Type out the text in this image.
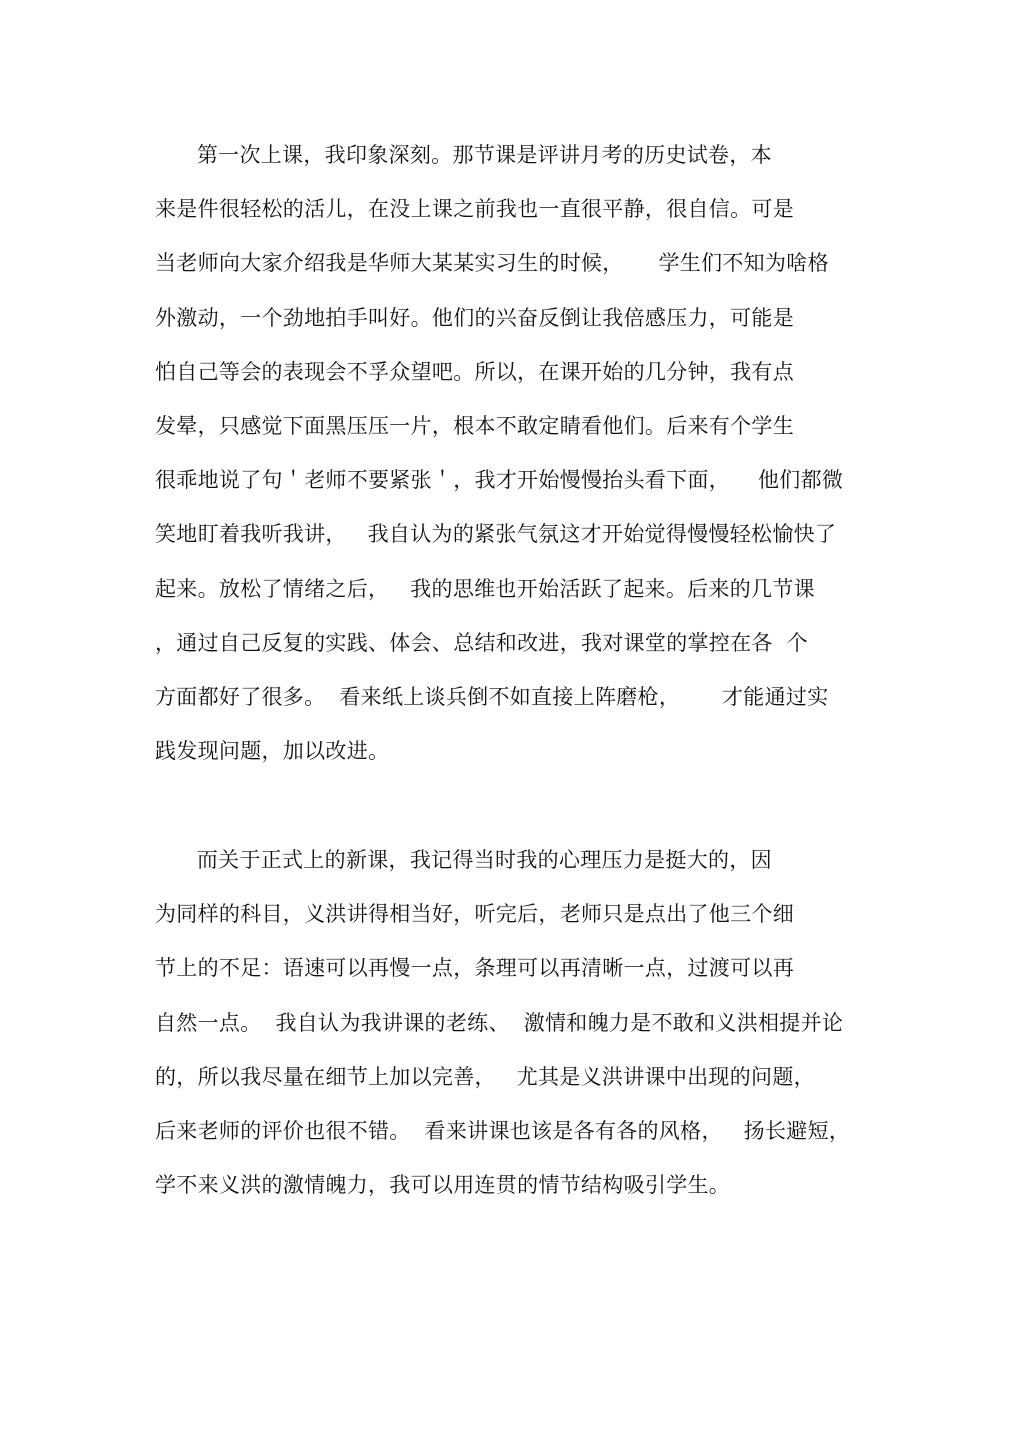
第一次上课，我印象深刻。那节课是评讲月考的历史试卷，本
来是件很轻松的活儿，在没上课之前我也一直很平静，很自信。可是
当老师向大家介绍我是华师大某某实习生的时候，     学生们不知为啥格
外激动，一个劲地拍手叫好。他们的兴奋反倒让我倍感压力，可能是
怕自己等会的表现会不孚众望吧。所以，在课开始的几分钟，我有点
发晕，只感觉下面黑压压一片，根本不敢定睛看他们。后来有个学生
很乖地说了句＇老师不要紧张＇，我才开始慢慢抬头看下面，    他们都微
笑地盯着我听我讲，   我自认为的紧张气氛这才开始觉得慢慢轻松愉快了
起来。放松了情绪之后，   我的思维也开始活跃了起来。后来的几节课
，通过自己反复的实践、体会、总结和改进，我对课堂的掌控在各  个
方面都好了很多。  看来纸上谈兵倒不如直接上阵磨枪，      才能通过实
践发现问题，加以改进。
而关于正式上的新课，我记得当时我的心理压力是挺大的，因
为同样的科目，义洪讲得相当好，听完后，老师只是点出了他三个细
节上的不足：语速可以再慢一点，条理可以再清晰一点，过渡可以再
自然一点。  我自认为我讲课的老练、  激情和魄力是不敢和义洪相提并论
的，所以我尽量在细节上加以完善，   尤其是义洪讲课中出现的问题，
后来老师的评价也很不错。  看来讲课也该是各有各的风格，   扬长避短，
学不来义洪的激情魄力，我可以用连贯的情节结构吸引学生。
